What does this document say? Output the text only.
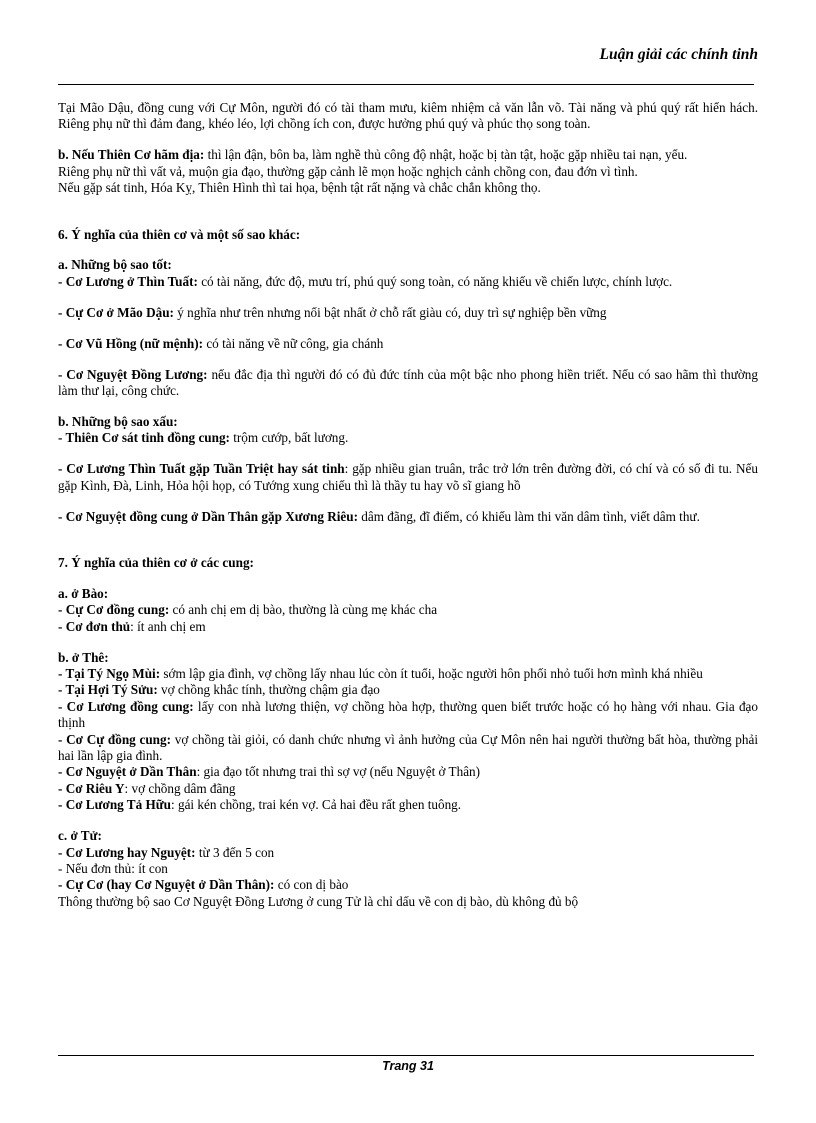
Luận giải các chính tinh

Tại Mão Dậu, đồng cung với Cự Môn, người đó có tài tham mưu, kiêm nhiệm cả văn lẫn võ. Tài năng và phú quý rất hiển hách. Riêng phụ nữ thì đảm đang, khéo léo, lợi chồng ích con, được hưởng phú quý và phúc thọ song toàn.

b. Nếu Thiên Cơ hãm địa: thì lận đận, bôn ba, làm nghề thủ công độ nhật, hoặc bị tàn tật, hoặc gặp nhiều tai nạn, yểu.

Riêng phụ nữ thì vất vả, muộn gia đạo, thường gặp cảnh lẽ mọn hoặc nghịch cảnh chồng con, đau đớn vì tình.

Nếu gặp sát tinh, Hóa Kỵ, Thiên Hình thì tai họa, bệnh tật rất nặng và chắc chắn không thọ.

6. Ý nghĩa của thiên cơ và một số sao khác:

a. Những bộ sao tốt:

- Cơ Lương ở Thìn Tuất: có tài năng, đức độ, mưu trí, phú quý song toàn, có năng khiếu về chiến lược, chính lược.

- Cự Cơ ở Mão Dậu: ý nghĩa như trên nhưng nổi bật nhất ở chỗ rất giàu có, duy trì sự nghiệp bền vững

- Cơ Vũ Hồng (nữ mệnh): có tài năng về nữ công, gia chánh

- Cơ Nguyệt Đồng Lương: nếu đắc địa thì người đó có đủ đức tính của một bậc nho phong hiền triết. Nếu có sao hãm thì thường làm thư lại, công chức.

b. Những bộ sao xấu:

- Thiên Cơ sát tinh đồng cung: trộm cướp, bất lương.

- Cơ Lương Thìn Tuất gặp Tuần Triệt hay sát tinh: gặp nhiều gian truân, trắc trở lớn trên đường đời, có chí và có số đi tu. Nếu gặp Kình, Đà, Linh, Hỏa hội họp, có Tướng xung chiếu thì là thầy tu hay võ sĩ giang hồ

- Cơ Nguyệt đồng cung ở Dần Thân gặp Xương Riêu: dâm đãng, đĩ điếm, có khiếu làm thi văn dâm tình, viết dâm thư.

7. Ý nghĩa của thiên cơ ở các cung:

a. ở Bào:

- Cự Cơ đồng cung: có anh chị em dị bào, thường là cùng mẹ khác cha

- Cơ đơn thủ: ít anh chị em

b. ở Thê:

- Tại Tý Ngọ Mùi: sớm lập gia đình, vợ chồng lấy nhau lúc còn ít tuổi, hoặc người hôn phối nhỏ tuổi hơn mình khá nhiều

- Tại Hợi Tý Sửu: vợ chồng khắc tính, thường chậm gia đạo

- Cơ Lương đồng cung: lấy con nhà lương thiện, vợ chồng hòa hợp, thường quen biết trước hoặc có họ hàng với nhau. Gia đạo thịnh

- Cơ Cự đồng cung: vợ chồng tài giỏi, có danh chức nhưng vì ảnh hưởng của Cự Môn nên hai người thường bất hòa, thường phải hai lần lập gia đình.

- Cơ Nguyệt ở Dần Thân: gia đạo tốt nhưng trai thì sợ vợ (nếu Nguyệt ở Thân)

- Cơ Riêu Y: vợ chồng dâm đãng

- Cơ Lương Tả Hữu: gái kén chồng, trai kén vợ. Cả hai đều rất ghen tuông.

c. ở Tử:

- Cơ Lương hay Nguyệt: từ 3 đến 5 con

- Nếu đơn thủ: ít con

- Cự Cơ (hay Cơ Nguyệt ở Dần Thân): có con dị bào

Thông thường bộ sao Cơ Nguyệt Đồng Lương ở cung Tử là chỉ dấu về con dị bào, dù không đủ bộ

Trang 31
